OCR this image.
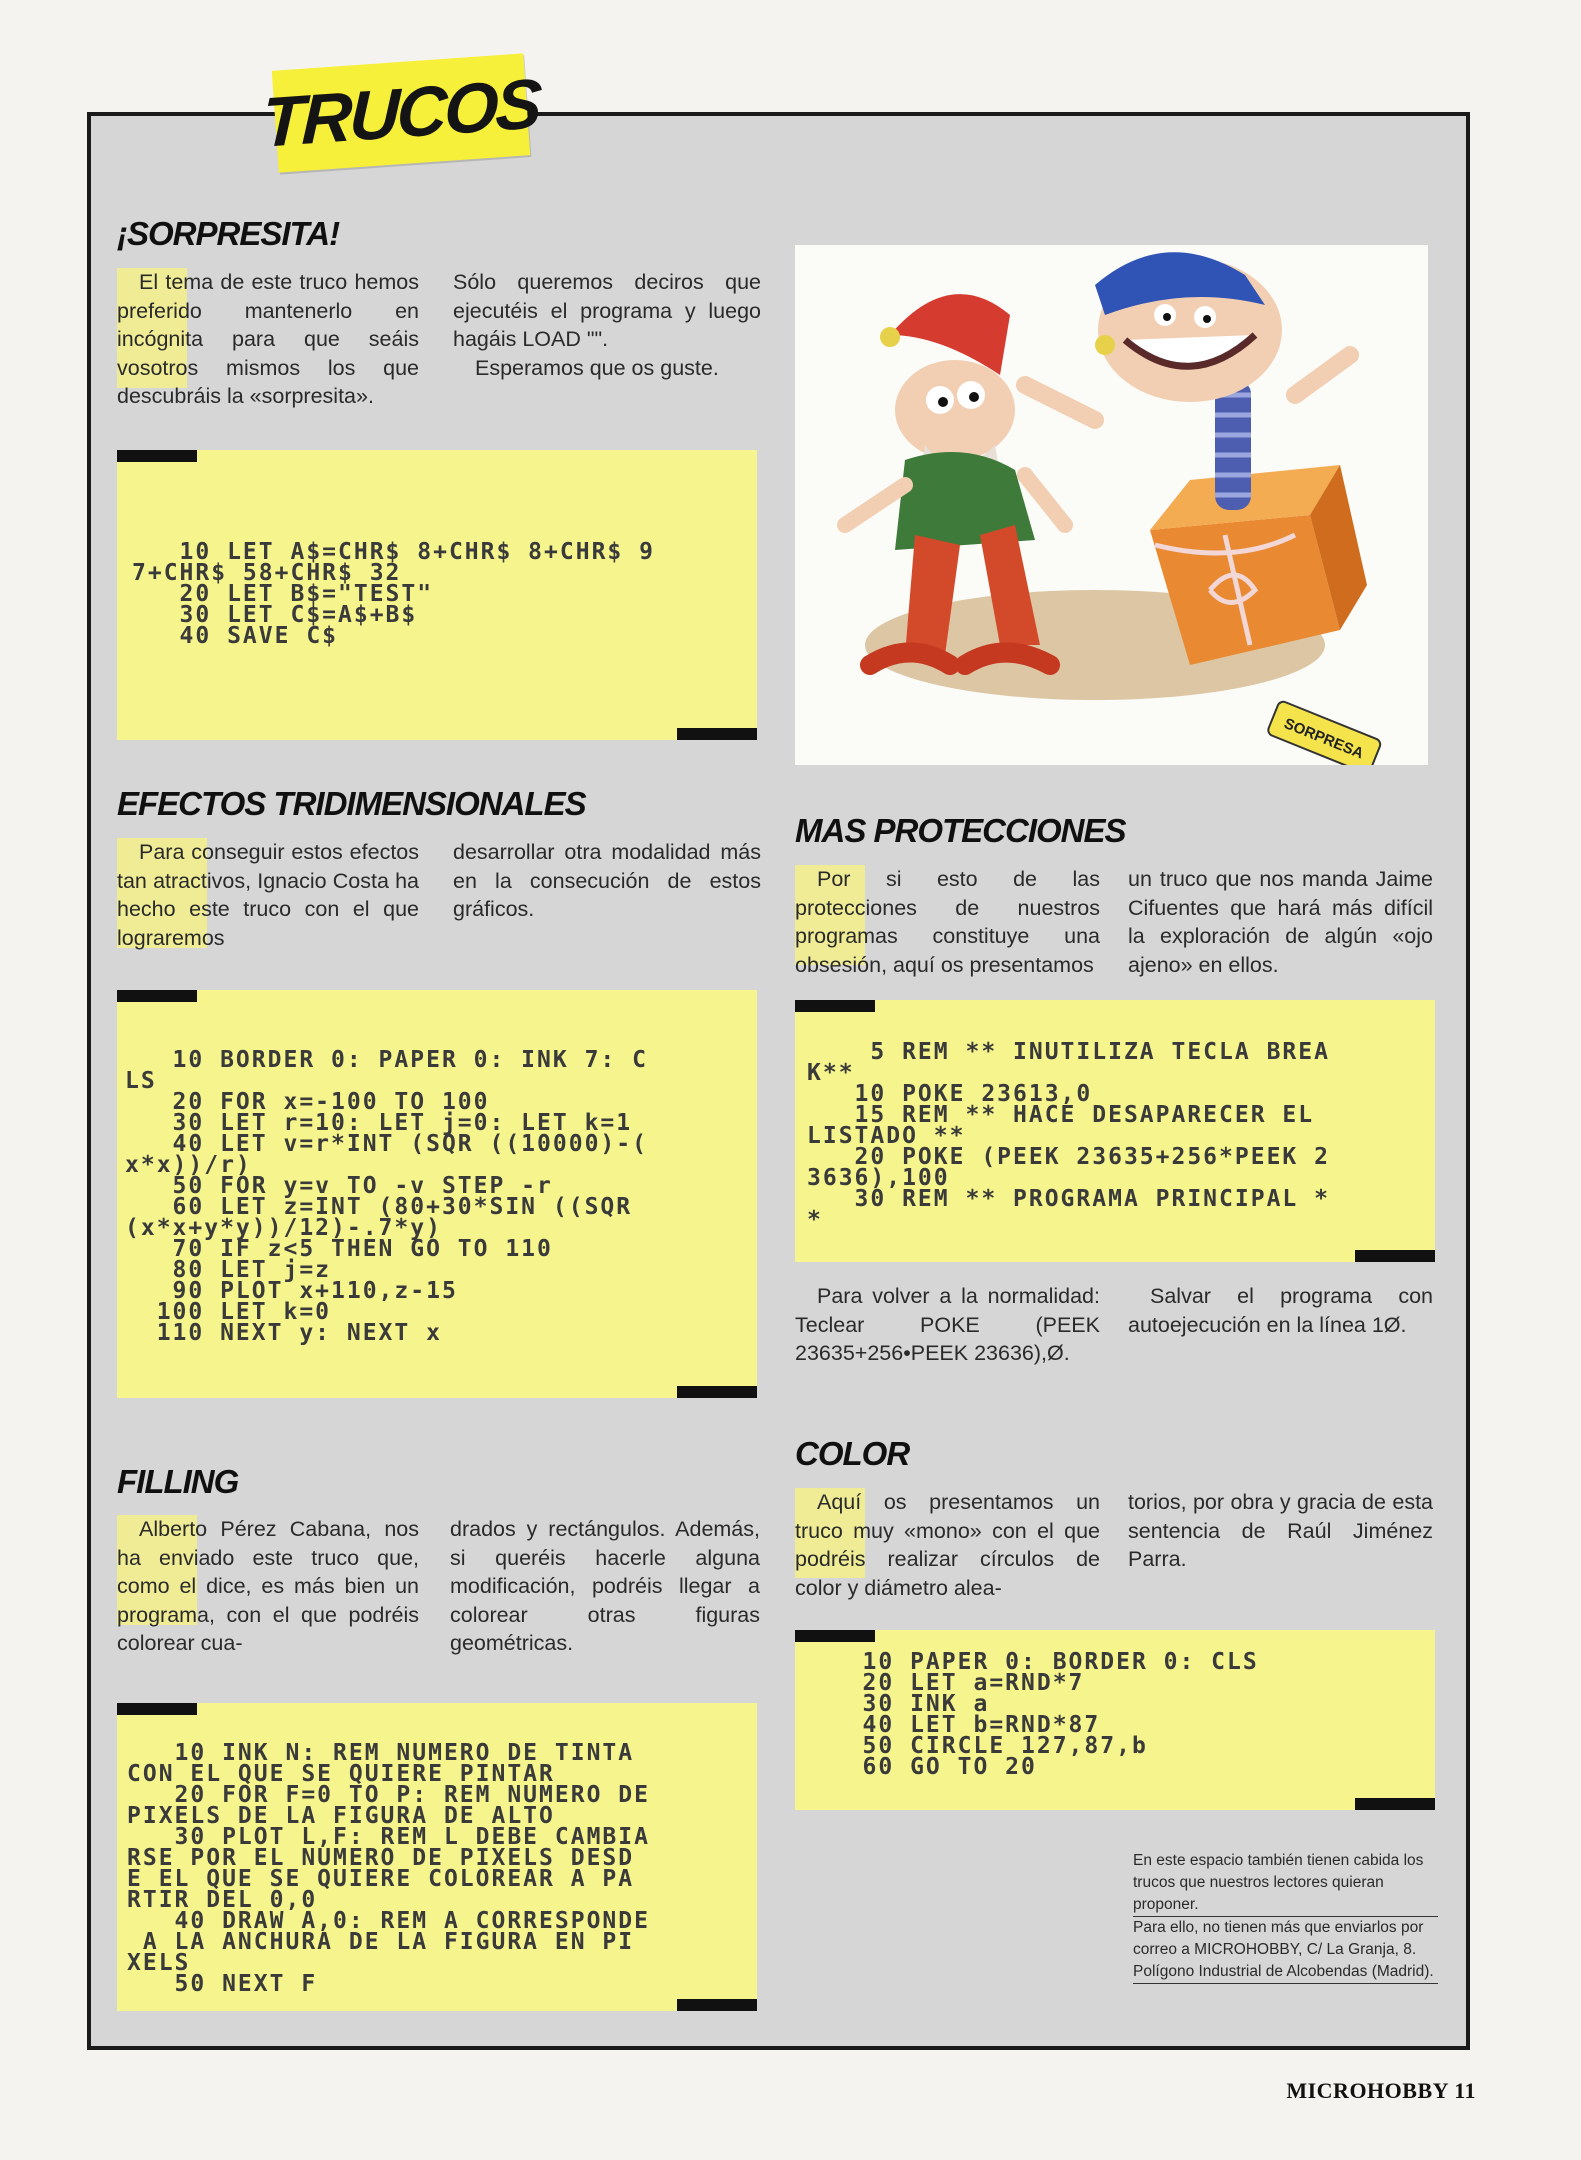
TRUCOS
¡SORPRESITA!

El tema de este truco hemos preferido mantenerlo en incógnita para que seáis vosotros mismos los que descubráis la «sorpresita».

Sólo queremos deciros que ejecutéis el programa y luego hagáis LOAD "".

Esperamos que os guste.

10 LET A$=CHR$ 8+CHR$ 8+CHR$ 9
7+CHR$ 58+CHR$ 32
20 LET B$="TEST"
30 LET C$=A$+B$
40 SAVE C$
SORPRESA
EFECTOS TRIDIMENSIONALES

Para conseguir estos efectos tan atractivos, Ignacio Costa ha hecho este truco con el que lograremos

desarrollar otra modalidad más en la consecución de estos gráficos.

10 BORDER 0: PAPER 0: INK 7: C
LS
20 FOR x=-100 TO 100
30 LET r=10: LET j=0: LET k=1
40 LET v=r*INT (SQR ((10000)-(
x*x))/r)
50 FOR y=v TO -v STEP -r
60 LET z=INT (80+30*SIN ((SQR
(x*x+y*y))/12)-.7*y)
70 IF z<5 THEN GO TO 110
80 LET j=z
90 PLOT x+110,z-15
100 LET k=0
110 NEXT y: NEXT x
FILLING

Alberto Pérez Cabana, nos ha enviado este truco que, como el dice, es más bien un programa, con el que podréis colorear cua-

drados y rectángulos. Además, si queréis hacerle alguna modificación, podréis llegar a colorear otras figuras geométricas.

10 INK N: REM NUMERO DE TINTA
CON EL QUE SE QUIERE PINTAR
20 FOR F=0 TO P: REM NUMERO DE
PIXELS DE LA FIGURA DE ALTO
30 PLOT L,F: REM L DEBE CAMBIA
RSE POR EL NUMERO DE PIXELS DESD
E EL QUE SE QUIERE COLOREAR A PA
RTIR DEL 0,0
40 DRAW A,0: REM A CORRESPONDE
A LA ANCHURA DE LA FIGURA EN PI
XELS
50 NEXT F
MAS PROTECCIONES

Por si esto de las protecciones de nuestros programas constituye una obsesión, aquí os presentamos

un truco que nos manda Jaime Cifuentes que hará más difícil la exploración de algún «ojo ajeno» en ellos.

5 REM ** INUTILIZA TECLA BREA
K**
10 POKE 23613,0
15 REM ** HACE DESAPARECER EL
LISTADO **
20 POKE (PEEK 23635+256*PEEK 2
3636),100
30 REM ** PROGRAMA PRINCIPAL *
*

Para volver a la normalidad: Teclear POKE (PEEK 23635+256•PEEK 23636),Ø.

Salvar el programa con autoejecución en la línea 1Ø.

COLOR

Aquí os presentamos un truco muy «mono» con el que podréis realizar círculos de color y diámetro alea-

torios, por obra y gracia de esta sentencia de Raúl Jiménez Parra.

10 PAPER 0: BORDER 0: CLS
20 LET a=RND*7
30 INK a
40 LET b=RND*87
50 CIRCLE 127,87,b
60 GO TO 20

En este espacio también tienen cabida los trucos que nuestros lectores quieran proponer.

Para ello, no tienen más que enviarlos por correo a MICROHOBBY, C/ La Granja, 8. Polígono Industrial de Alcobendas (Madrid).

MICROHOBBY 11
